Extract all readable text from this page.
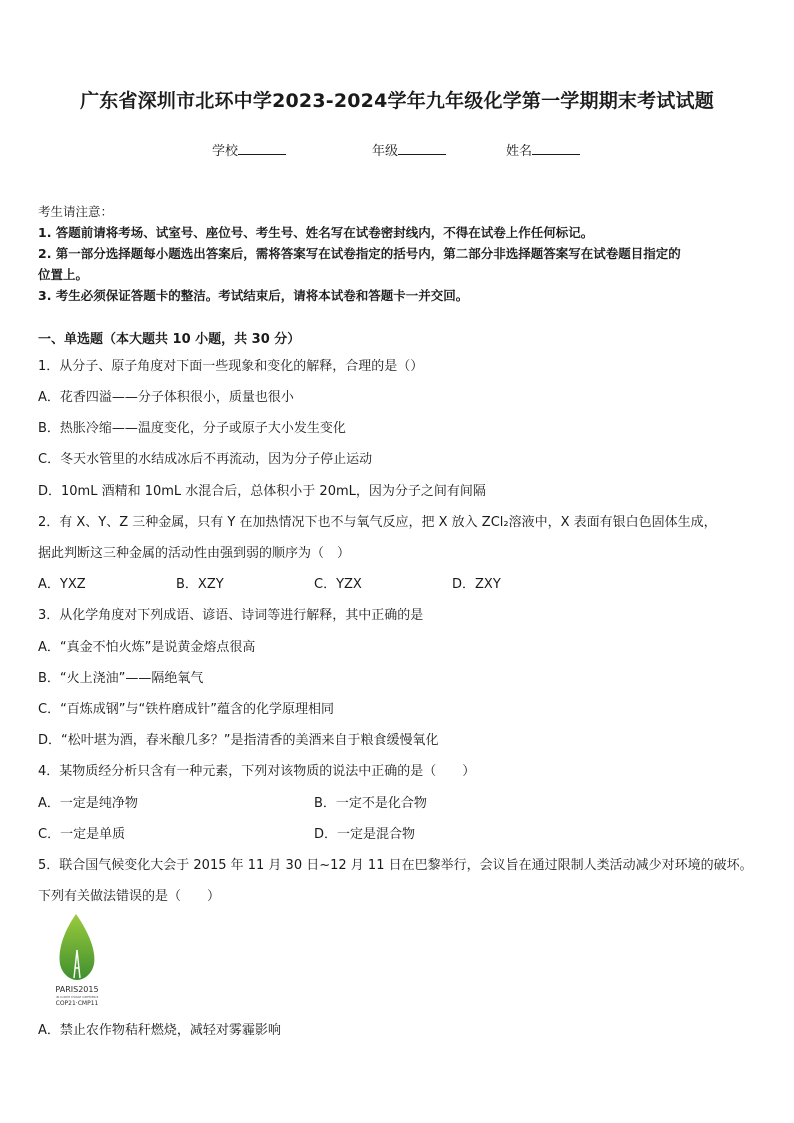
广东省深圳市北环中学2023-2024学年九年级化学第一学期期末考试试题
学校	年级	姓名
考生请注意：
1. 答题前请将考场、试室号、座位号、考生号、姓名写在试卷密封线内，不得在试卷上作任何标记。
2. 第一部分选择题每小题选出答案后，需将答案写在试卷指定的括号内，第二部分非选择题答案写在试卷题目指定的
位置上。
3. 考生必须保证答题卡的整洁。考试结束后，请将本试卷和答题卡一并交回。
一、单选题（本大题共 10 小题，共 30 分）
1．从分子、原子角度对下面一些现象和变化的解释，合理的是（）
A．花香四溢——分子体积很小，质量也很小
B．热胀冷缩——温度变化，分子或原子大小发生变化
C．冬天水管里的水结成冰后不再流动，因为分子停止运动
D．10mL 酒精和 10mL 水混合后，总体积小于 20mL，因为分子之间有间隔
2．有 X、Y、Z 三种金属，只有 Y 在加热情况下也不与氧气反应，把 X 放入 ZCl₂溶液中，X 表面有银白色固体生成，
据此判断这三种金属的活动性由强到弱的顺序为（　）
A．YXZ	B．XZY	C．YZX	D．ZXY
3．从化学角度对下列成语、谚语、诗词等进行解释，其中正确的是
A．“真金不怕火炼”是说黄金熔点很高
B．“火上浇油”——隔绝氧气
C．“百炼成钢”与“铁杵磨成针”蕴含的化学原理相同
D．“松叶堪为酒，春米酿几多？”是指清香的美酒来自于粮食缓慢氧化
4．某物质经分析只含有一种元素，下列对该物质的说法中正确的是（　　）
A．一定是纯净物	B．一定不是化合物
C．一定是单质	D．一定是混合物
5．联合国气候变化大会于 2015 年 11 月 30 日~12 月 11 日在巴黎举行，会议旨在通过限制人类活动减少对环境的破坏。
下列有关做法错误的是（　　）
PARIS2015
UN CLIMATE CHANGE CONFERENCE
COP21·CMP11
A．禁止农作物秸秆燃烧，减轻对雾霾影响
